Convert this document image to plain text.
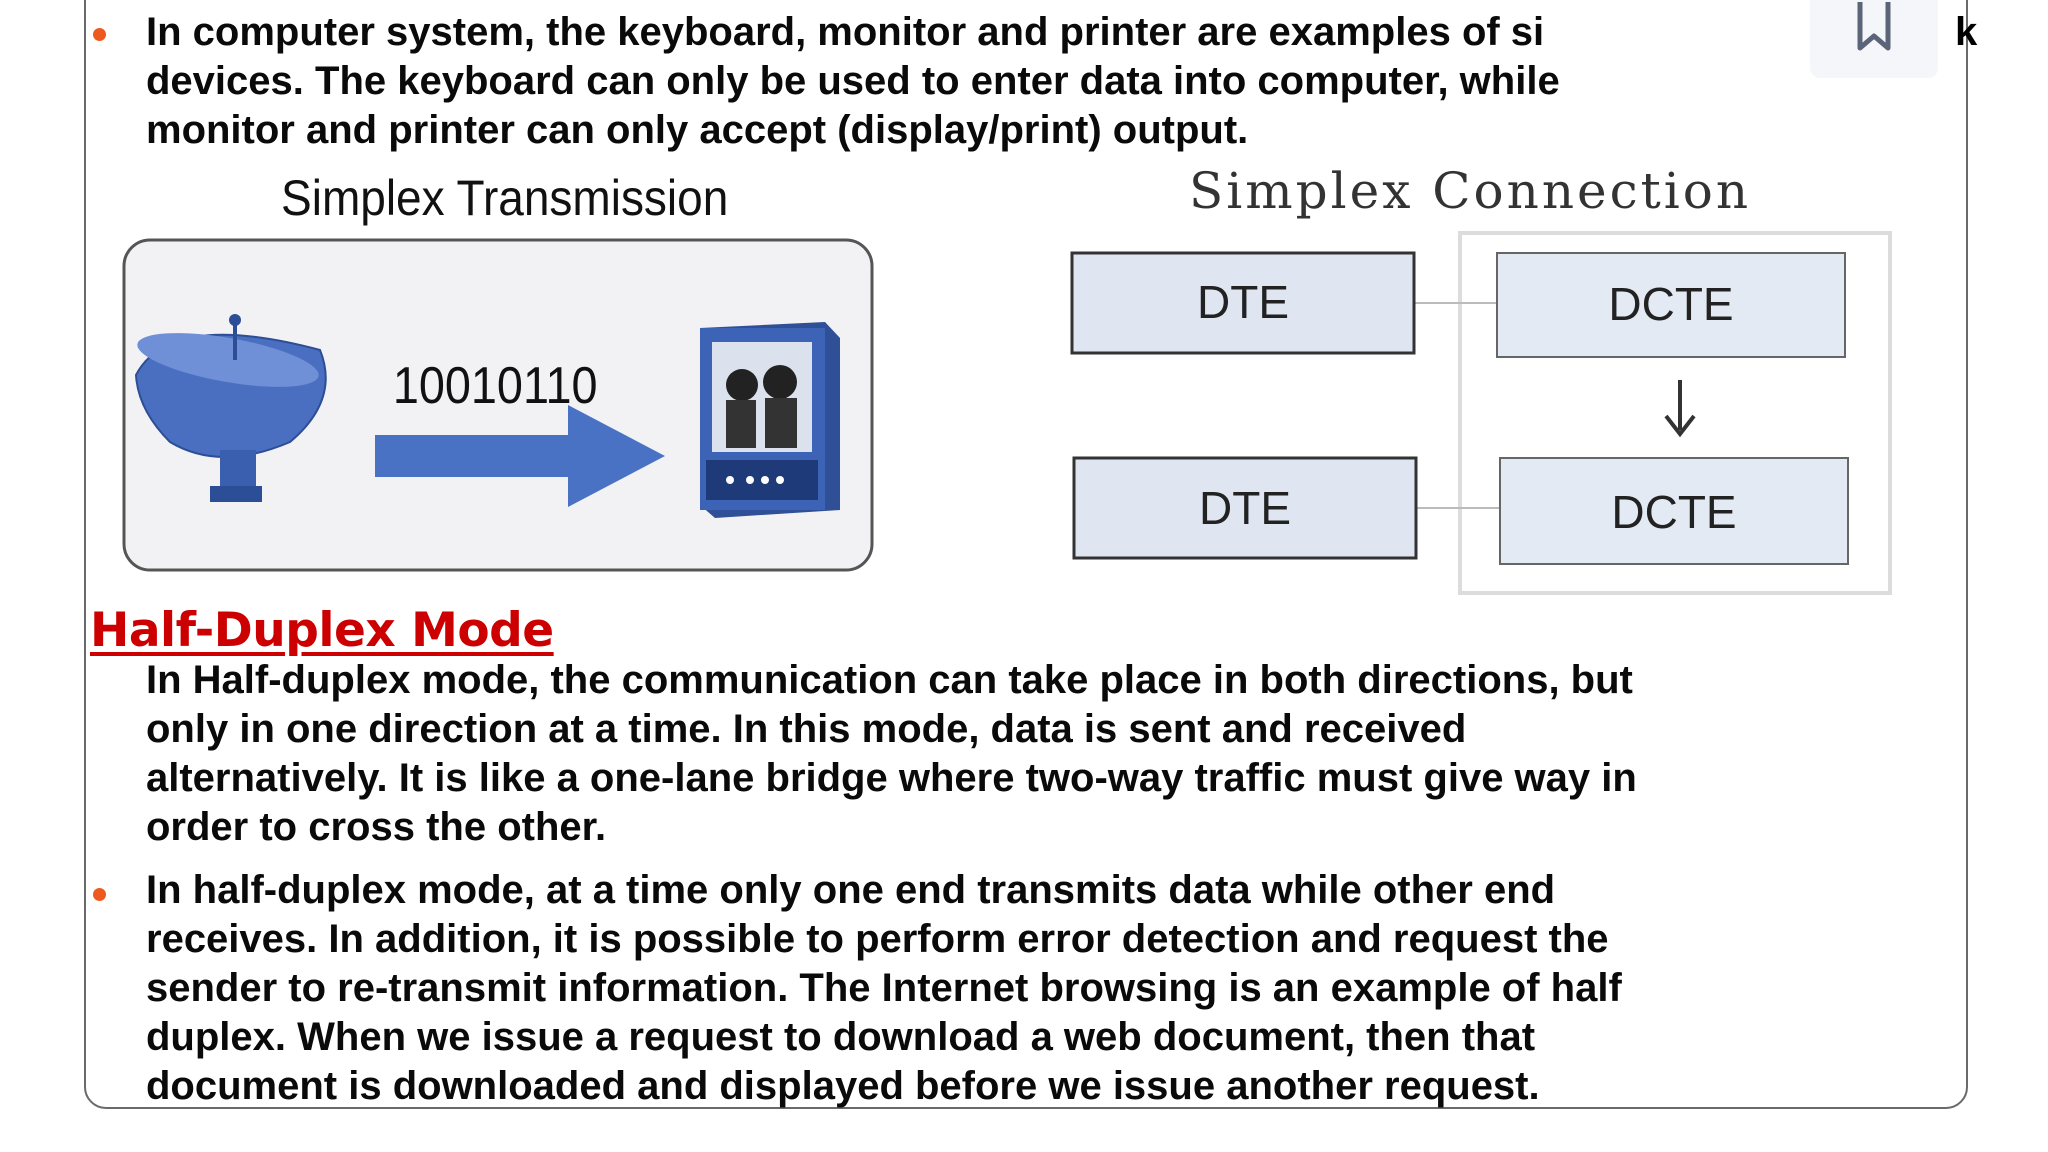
In computer system, the keyboard, monitor and printer are examples of si	k
devices. The keyboard can only be used to enter data into computer, while
monitor and printer can only accept (display/print) output.
Simplex Transmission
10010110
Simplex Connection
DTE	DCTE
DTE	DCTE
Half-Duplex Mode
In Half-duplex mode, the communication can take place in both directions, but
only in one direction at a time. In this mode, data is sent and received
alternatively. It is like a one-lane bridge where two-way traffic must give way in
order to cross the other.
In half-duplex mode, at a time only one end transmits data while other end
receives. In addition, it is possible to perform error detection and request the
sender to re-transmit information. The Internet browsing is an example of half
duplex. When we issue a request to download a web document, then that
document is downloaded and displayed before we issue another request.
